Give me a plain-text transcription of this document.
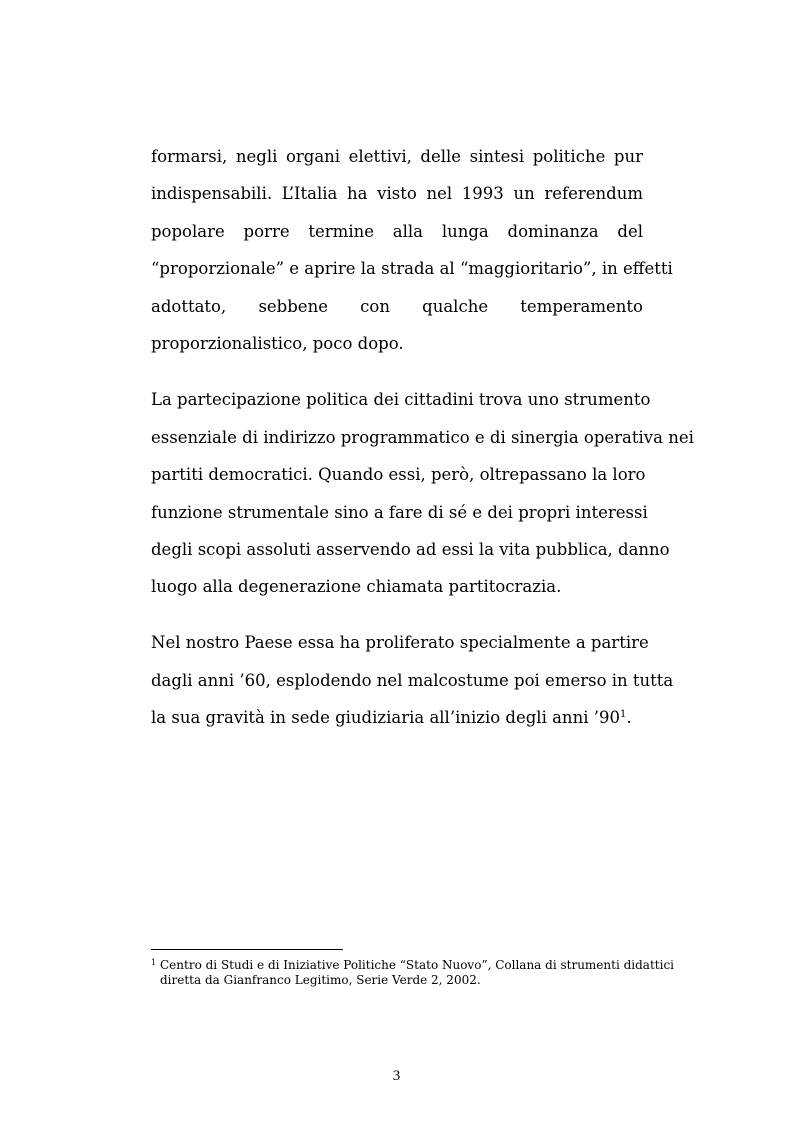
formarsi, negli organi elettivi, delle sintesi politiche pur
indispensabili. L’Italia ha visto nel 1993 un referendum
popolare porre termine alla lunga dominanza del
“proporzionale” e aprire la strada al “maggioritario”, in effetti
adottato, sebbene con qualche temperamento
proporzionalistico, poco dopo.
La partecipazione politica dei cittadini trova uno strumento
essenziale di indirizzo programmatico e di sinergia operativa nei
partiti democratici. Quando essi, però, oltrepassano la loro
funzione strumentale sino a fare di sé e dei propri interessi
degli scopi assoluti asservendo ad essi la vita pubblica, danno
luogo alla degenerazione chiamata partitocrazia.
Nel nostro Paese essa ha proliferato specialmente a partire
dagli anni ’60, esplodendo nel malcostume poi emerso in tutta
la sua gravità in sede giudiziaria all’inizio degli anni $’90^1$.
$^1$ Centro di Studi e di Iniziative Politiche “Stato Nuovo”, Collana di strumenti didattici
diretta da Gianfranco Legitimo, Serie Verde 2, 2002.
3
